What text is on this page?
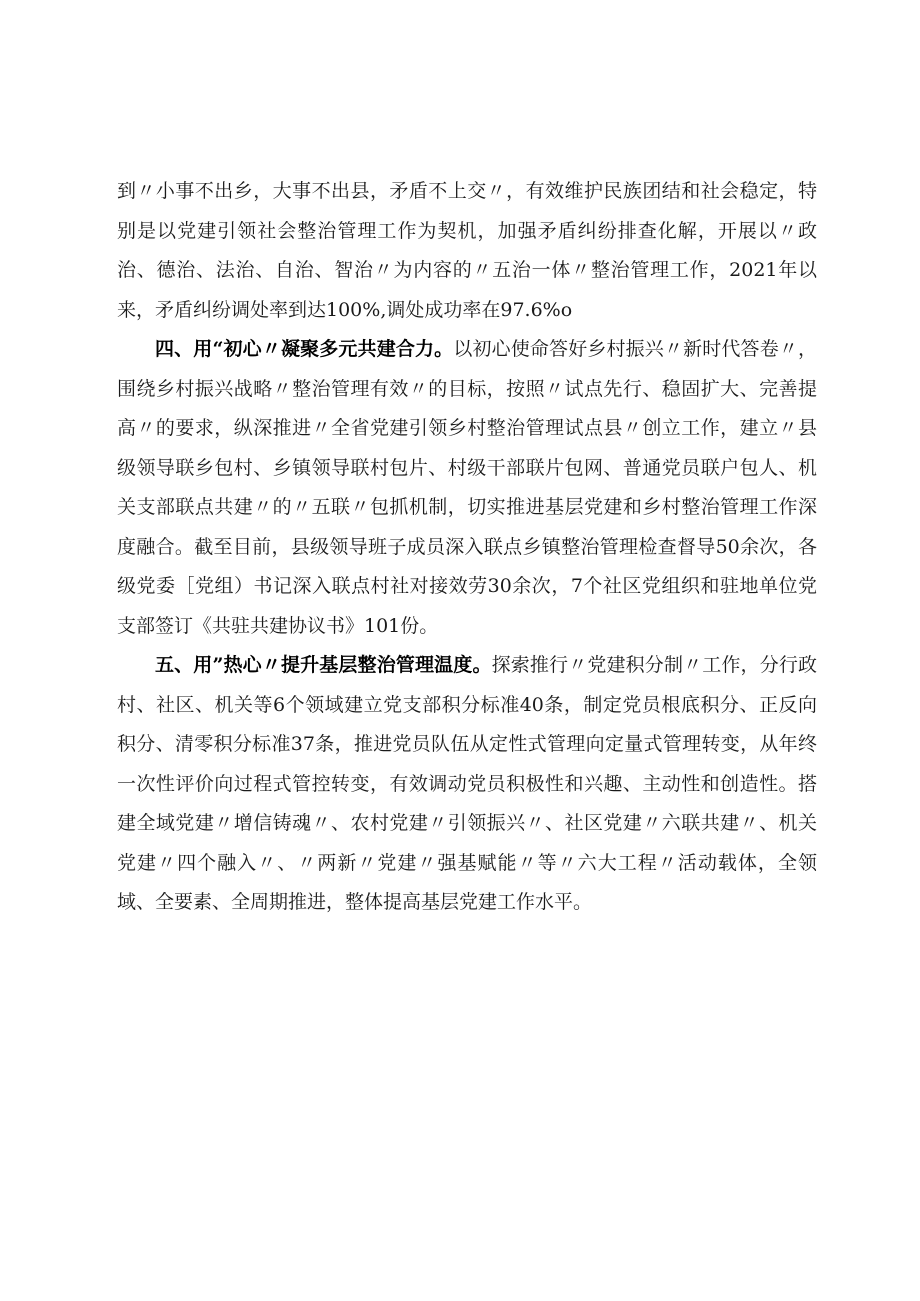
到〃小事不出乡，大事不出县，矛盾不上交〃，有效维护民族团结和社会稳定，特别是以党建引领社会整治管理工作为契机，加强矛盾纠纷排查化解，开展以〃政治、德治、法治、自治、智治〃为内容的〃五治一体〃整治管理工作，2021年以来，矛盾纠纷调处率到达100%,调处成功率在97.6%o

四、用“初心〃凝聚多元共建合力。以初心使命答好乡村振兴〃新时代答卷〃，围绕乡村振兴战略〃整治管理有效〃的目标，按照〃试点先行、稳固扩大、完善提高〃的要求，纵深推进〃全省党建引领乡村整治管理试点县〃创立工作，建立〃县级领导联乡包村、乡镇领导联村包片、村级干部联片包网、普通党员联户包人、机关支部联点共建〃的〃五联〃包抓机制，切实推进基层党建和乡村整治管理工作深度融合。截至目前，县级领导班子成员深入联点乡镇整治管理检查督导50余次，各级党委［党组）书记深入联点村社对接效劳30余次，7个社区党组织和驻地单位党支部签订《共驻共建协议书》101份。

五、用”热心〃提升基层整治管理温度。探索推行〃党建积分制〃工作，分行政村、社区、机关等6个领域建立党支部积分标准40条，制定党员根底积分、正反向积分、清零积分标准37条，推进党员队伍从定性式管理向定量式管理转变，从年终一次性评价向过程式管控转变，有效调动党员积极性和兴趣、主动性和创造性。搭建全域党建〃增信铸魂〃、农村党建〃引领振兴〃、社区党建〃六联共建〃、机关党建〃四个融入〃、〃两新〃党建〃强基赋能〃等〃六大工程〃活动载体，全领域、全要素、全周期推进，整体提高基层党建工作水平。
